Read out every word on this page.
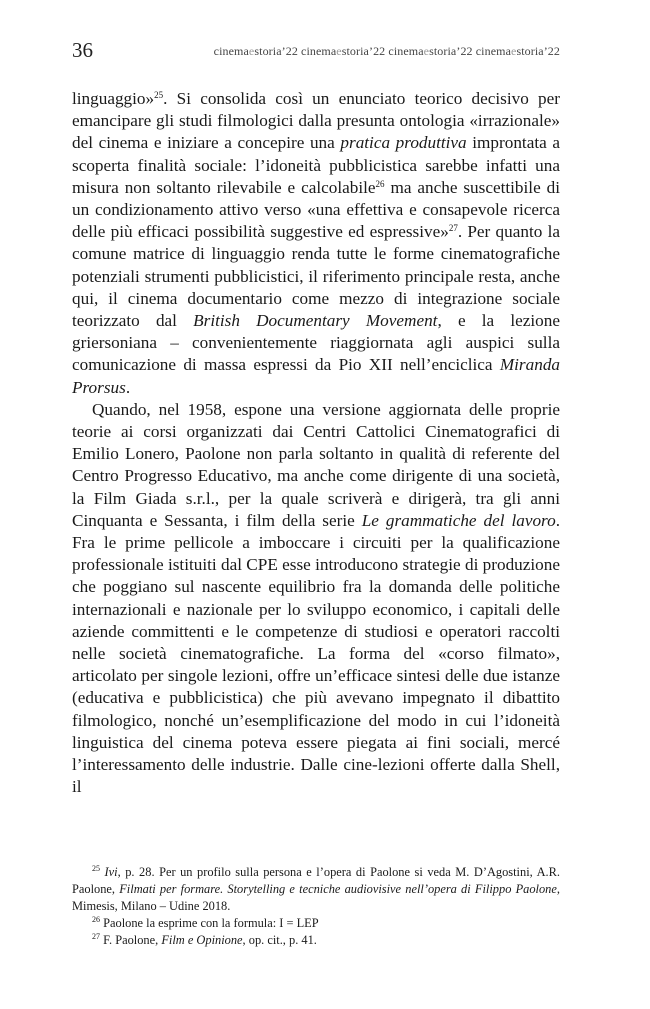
36	cinemaestoria’22 cinemaestoria’22 cinemaestoria’22 cinemaestoria’22

linguaggio»$^{25}$. Si consolida così un enunciato teorico decisivo per emancipare gli studi filmologici dalla presunta ontologia «irrazionale» del cinema e iniziare a concepire una pratica produttiva improntata a scoperta finalità sociale: l’idoneità pubblicistica sarebbe infatti una misura non soltanto rilevabile e calcolabile$^{26}$ ma anche suscettibile di un condizionamento attivo verso «una effettiva e consapevole ricerca delle più efficaci possibilità suggestive ed espressive»$^{27}$. Per quanto la comune matrice di linguaggio renda tutte le forme cinematografiche potenziali strumenti pubblicistici, il riferimento principale resta, anche qui, il cinema documentario come mezzo di integrazione sociale teorizzato dal British Documentary Movement, e la lezione griersoniana – convenientemente riaggiornata agli auspici sulla comunicazione di massa espressi da Pio XII nell’enciclica Miranda Prorsus.

Quando, nel 1958, espone una versione aggiornata delle proprie teorie ai corsi organizzati dai Centri Cattolici Cinematografici di Emilio Lonero, Paolone non parla soltanto in qualità di referente del Centro Progresso Educativo, ma anche come dirigente di una società, la Film Giada s.r.l., per la quale scriverà e dirigerà, tra gli anni Cinquanta e Sessanta, i film della serie Le grammatiche del lavoro. Fra le prime pellicole a imboccare i circuiti per la qualificazione professionale istituiti dal CPE esse introducono strategie di produzione che poggiano sul nascente equilibrio fra la domanda delle politiche internazionali e nazionale per lo sviluppo economico, i capitali delle aziende committenti e le competenze di studiosi e operatori raccolti nelle società cinematografiche. La forma del «corso filmato», articolato per singole lezioni, offre un’efficace sintesi delle due istanze (educativa e pubblicistica) che più avevano impegnato il dibattito filmologico, nonché un’esemplificazione del modo in cui l’idoneità linguistica del cinema poteva essere piegata ai fini sociali, mercé l’interessamento delle industrie. Dalle cine-lezioni offerte dalla Shell, il

$^{25}$ Ivi, p. 28. Per un profilo sulla persona e l’opera di Paolone si veda M. D’Agostini, A.R. Paolone, Filmati per formare. Storytelling e tecniche audiovisive nell’opera di Filippo Paolone, Mimesis, Milano – Udine 2018.

$^{26}$ Paolone la esprime con la formula: I = LEP

$^{27}$ F. Paolone, Film e Opinione, op. cit., p. 41.
